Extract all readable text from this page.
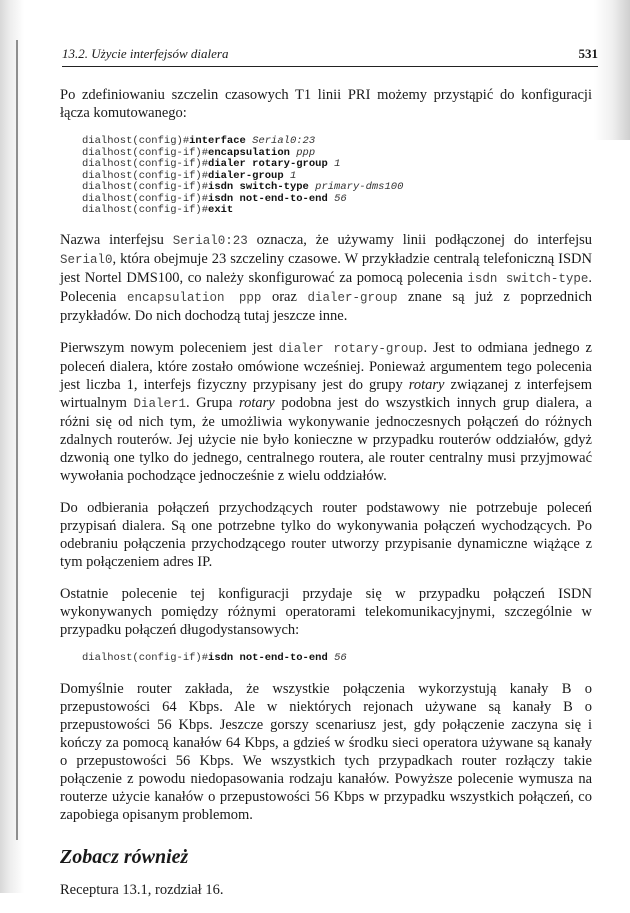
13.2. Użycie interfejsów dialera	531

Po zdefiniowaniu szczelin czasowych T1 linii PRI możemy przystąpić do konfiguracji łącza komutowanego:

dialhost(config)#interface Serial0:23
dialhost(config-if)#encapsulation ppp
dialhost(config-if)#dialer rotary-group 1
dialhost(config-if)#dialer-group 1
dialhost(config-if)#isdn switch-type primary-dms100
dialhost(config-if)#isdn not-end-to-end 56
dialhost(config-if)#exit

Nazwa interfejsu Serial0:23 oznacza, że używamy linii podłączonej do interfejsu Serial0, która obejmuje 23 szczeliny czasowe. W przykładzie centralą telefoniczną ISDN jest Nortel DMS100, co należy skonfigurować za pomocą polecenia isdn switch-type. Polecenia encapsulation ppp oraz dialer-group znane są już z poprzednich przykładów. Do nich dochodzą tutaj jeszcze inne.

Pierwszym nowym poleceniem jest dialer rotary-group. Jest to odmiana jednego z poleceń dialera, które zostało omówione wcześniej. Ponieważ argumentem tego polecenia jest liczba 1, interfejs fizyczny przypisany jest do grupy rotary związanej z interfejsem wirtualnym Dialer1. Grupa rotary podobna jest do wszystkich innych grup dialera, a różni się od nich tym, że umożliwia wykonywanie jednoczesnych połączeń do różnych zdalnych routerów. Jej użycie nie było konieczne w przypadku routerów oddziałów, gdyż dzwonią one tylko do jednego, centralnego routera, ale router centralny musi przyjmować wywołania pochodzące jednocześnie z wielu oddziałów.

Do odbierania połączeń przychodzących router podstawowy nie potrzebuje poleceń przypisań dialera. Są one potrzebne tylko do wykonywania połączeń wychodzących. Po odebraniu połączenia przychodzącego router utworzy przypisanie dynamiczne wiążące z tym połączeniem adres IP.

Ostatnie polecenie tej konfiguracji przydaje się w przypadku połączeń ISDN wykonywanych pomiędzy różnymi operatorami telekomunikacyjnymi, szczególnie w przypadku połączeń długodystansowych:

dialhost(config-if)#isdn not-end-to-end 56

Domyślnie router zakłada, że wszystkie połączenia wykorzystują kanały B o przepustowości 64 Kbps. Ale w niektórych rejonach używane są kanały B o przepustowości 56 Kbps. Jeszcze gorszy scenariusz jest, gdy połączenie zaczyna się i kończy za pomocą kanałów 64 Kbps, a gdzieś w środku sieci operatora używane są kanały o przepustowości 56 Kbps. We wszystkich tych przypadkach router rozłączy takie połączenie z powodu niedopasowania rodzaju kanałów. Powyższe polecenie wymusza na routerze użycie kanałów o przepustowości 56 Kbps w przypadku wszystkich połączeń, co zapobiega opisanym problemom.

Zobacz również

Receptura 13.1, rozdział 16.
